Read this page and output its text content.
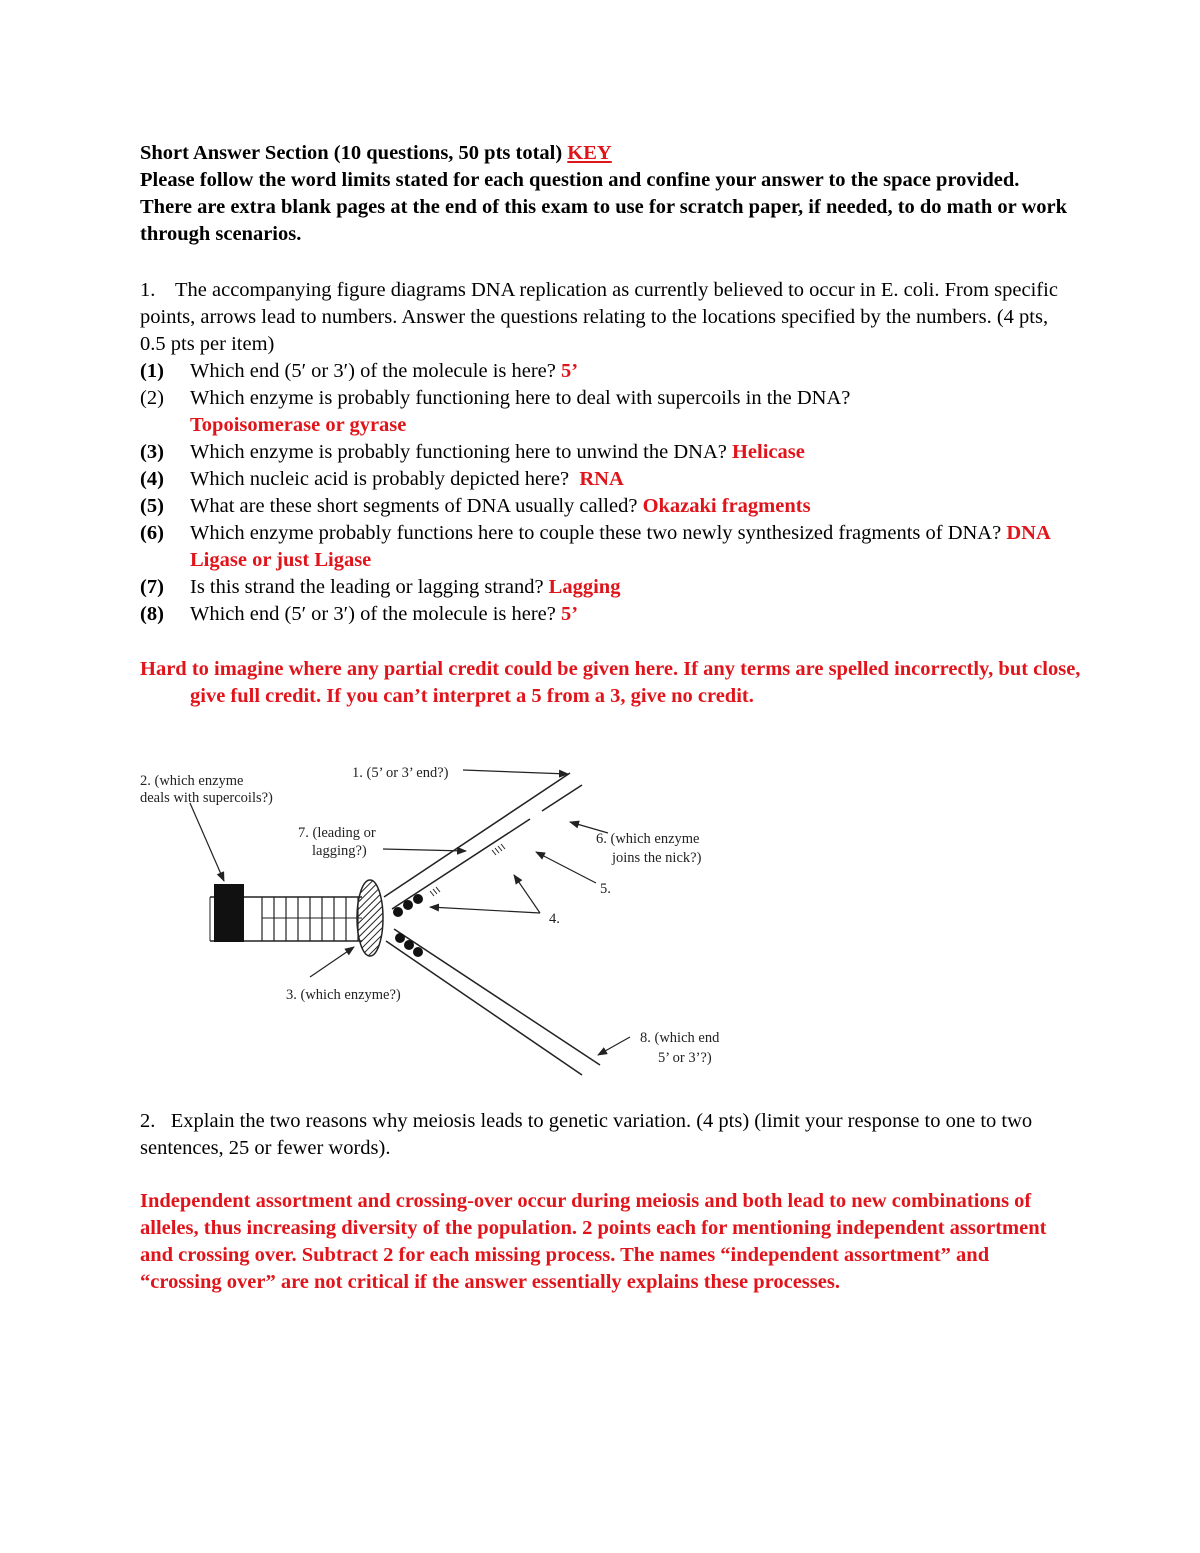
Short Answer Section (10 questions, 50 pts total) KEY
Please follow the word limits stated for each question and confine your answer to the space provided. There are extra blank pages at the end of this exam to use for scratch paper, if needed, to do math or work through scenarios.
1. The accompanying figure diagrams DNA replication as currently believed to occur in E. coli. From specific points, arrows lead to numbers. Answer the questions relating to the locations specified by the numbers. (4 pts, 0.5 pts per item)
(1)	Which end (5′ or 3′) of the molecule is here? 5’
(2)	Which enzyme is probably functioning here to deal with supercoils in the DNA?
Topoisomerase or gyrase
(3)	Which enzyme is probably functioning here to unwind the DNA? Helicase
(4)	Which nucleic acid is probably depicted here? RNA
(5)	What are these short segments of DNA usually called? Okazaki fragments
(6)	Which enzyme probably functions here to couple these two newly synthesized fragments of DNA? DNA Ligase or just Ligase
(7)	Is this strand the leading or lagging strand? Lagging
(8)	Which end (5′ or 3′) of the molecule is here? 5’
Hard to imagine where any partial credit could be given here. If any terms are spelled incorrectly, but close, give full credit. If you can’t interpret a 5 from a 3, give no credit.
1. (5’ or 3’ end?)
2. (which enzyme
deals with supercoils?)
7. (leading or
lagging?)
6. (which enzyme
joins the nick?)
5.
4.
3. (which enzyme?)
8. (which end
5’ or 3’?)
2. Explain the two reasons why meiosis leads to genetic variation. (4 pts) (limit your response to one to two sentences, 25 or fewer words).
Independent assortment and crossing-over occur during meiosis and both lead to new combinations of alleles, thus increasing diversity of the population. 2 points each for mentioning independent assortment and crossing over. Subtract 2 for each missing process. The names “independent assortment” and “crossing over” are not critical if the answer essentially explains these processes.
